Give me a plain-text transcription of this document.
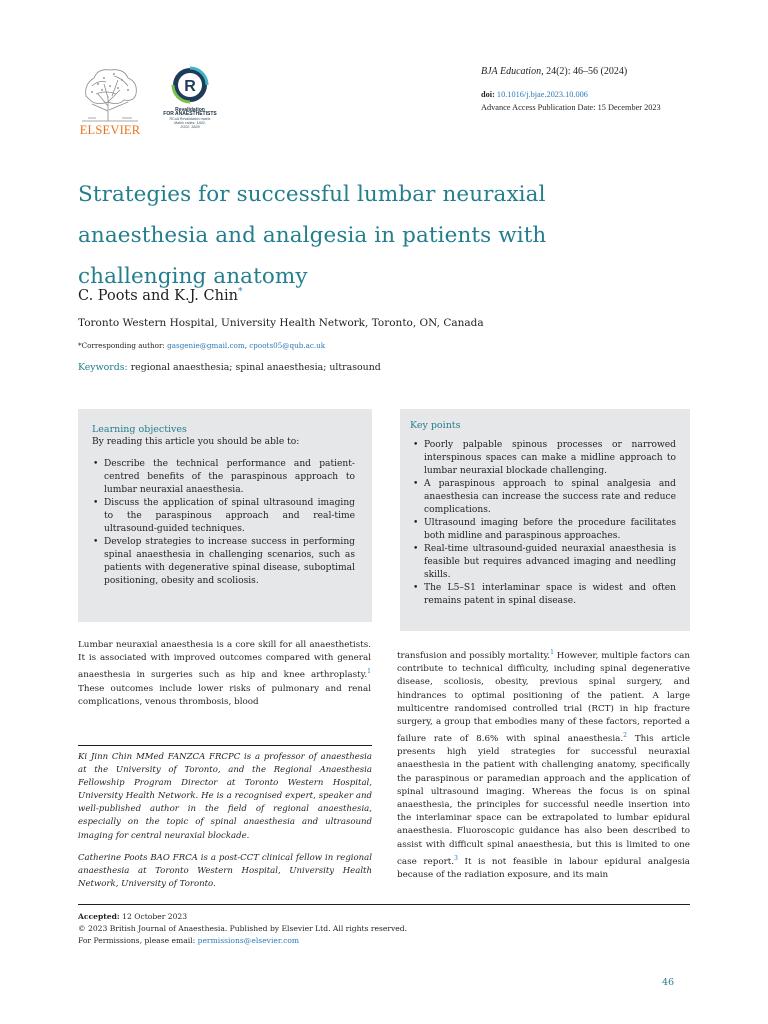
ELSEVIER
R
Revalidation
FOR ANAESTHETISTS
RCoA Revalidation matrix
Matrix codes: 1A02,
2G02, 3A09
BJA Education, 24(2): 46–56 (2024)
doi: 10.1016/j.bjae.2023.10.006
Advance Access Publication Date: 15 December 2023
Strategies for successful lumbar neuraxial anaesthesia and analgesia in patients with challenging anatomy
C. Poots and K.J. Chin*
Toronto Western Hospital, University Health Network, Toronto, ON, Canada
*Corresponding author: gasgenie@gmail.com, cpoots05@qub.ac.uk
Keywords: regional anaesthesia; spinal anaesthesia; ultrasound
Learning objectives
By reading this article you should be able to:
• Describe the technical performance and patient-centred benefits of the paraspinous approach to lumbar neuraxial anaesthesia.
• Discuss the application of spinal ultrasound imaging to the paraspinous approach and real-time ultrasound-guided techniques.
• Develop strategies to increase success in performing spinal anaesthesia in challenging scenarios, such as patients with degenerative spinal disease, suboptimal positioning, obesity and scoliosis.
Key points
• Poorly palpable spinous processes or narrowed interspinous spaces can make a midline approach to lumbar neuraxial blockade challenging.
• A paraspinous approach to spinal analgesia and anaesthesia can increase the success rate and reduce complications.
• Ultrasound imaging before the procedure facilitates both midline and paraspinous approaches.
• Real-time ultrasound-guided neuraxial anaesthesia is feasible but requires advanced imaging and needling skills.
• The L5–S1 interlaminar space is widest and often remains patent in spinal disease.
Lumbar neuraxial anaesthesia is a core skill for all anaesthetists. It is associated with improved outcomes compared with general anaesthesia in surgeries such as hip and knee arthroplasty.$^1$ These outcomes include lower risks of pulmonary and renal complications, venous thrombosis, blood
Ki Jinn Chin MMed FANZCA FRCPC is a professor of anaesthesia at the University of Toronto, and the Regional Anaesthesia Fellowship Program Director at Toronto Western Hospital, University Health Network. He is a recognised expert, speaker and well-published author in the field of regional anaesthesia, especially on the topic of spinal anaesthesia and ultrasound imaging for central neuraxial blockade.
Catherine Poots BAO FRCA is a post-CCT clinical fellow in regional anaesthesia at Toronto Western Hospital, University Health Network, University of Toronto.
transfusion and possibly mortality.$^1$ However, multiple factors can contribute to technical difficulty, including spinal degenerative disease, scoliosis, obesity, previous spinal surgery, and hindrances to optimal positioning of the patient. A large multicentre randomised controlled trial (RCT) in hip fracture surgery, a group that embodies many of these factors, reported a failure rate of 8.6% with spinal anaesthesia.$^2$ This article presents high yield strategies for successful neuraxial anaesthesia in the patient with challenging anatomy, specifically the paraspinous or paramedian approach and the application of spinal ultrasound imaging. Whereas the focus is on spinal anaesthesia, the principles for successful needle insertion into the interlaminar space can be extrapolated to lumbar epidural anaesthesia. Fluoroscopic guidance has also been described to assist with difficult spinal anaesthesia, but this is limited to one case report.$^3$ It is not feasible in labour epidural analgesia because of the radiation exposure, and its main
Accepted: 12 October 2023
© 2023 British Journal of Anaesthesia. Published by Elsevier Ltd. All rights reserved.
For Permissions, please email: permissions@elsevier.com
46
